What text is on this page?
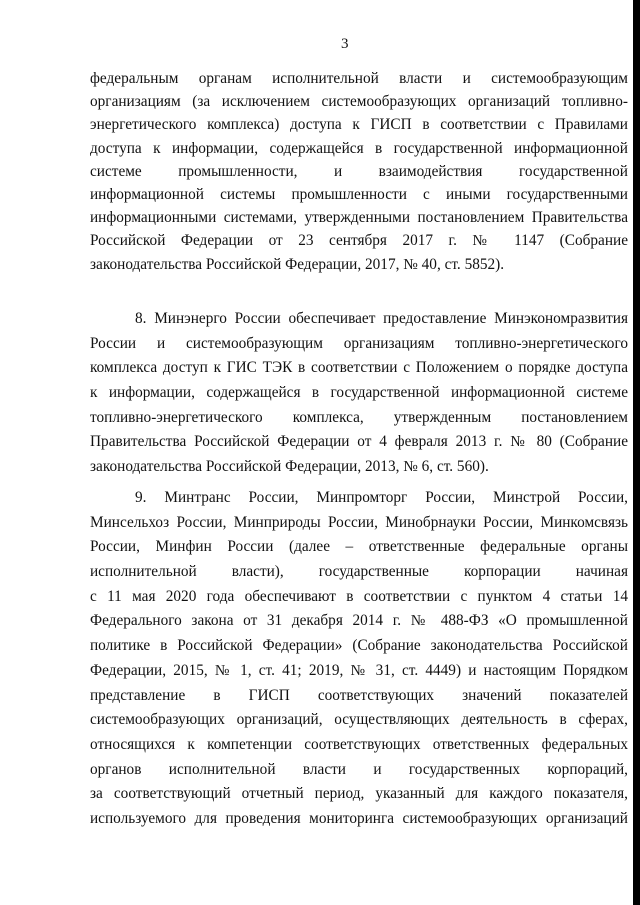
3
федеральным органам исполнительной власти и системообразующим
организациям (за исключением системообразующих организаций топливно-
энергетического комплекса) доступа к ГИСП в соответствии с Правилами
доступа к информации, содержащейся в государственной информационной
системе промышленности, и взаимодействия государственной
информационной системы промышленности с иными государственными
информационными системами, утвержденными постановлением Правительства
Российской Федерации от 23 сентября 2017 г. № 1147 (Собрание
законодательства Российской Федерации, 2017, № 40, ст. 5852).
8. Минэнерго России обеспечивает предоставление Минэкономразвития
России и системообразующим организациям топливно-энергетического
комплекса доступ к ГИС ТЭК в соответствии с Положением о порядке доступа
к информации, содержащейся в государственной информационной системе
топливно-энергетического комплекса, утвержденным постановлением
Правительства Российской Федерации от 4 февраля 2013 г. № 80 (Собрание
законодательства Российской Федерации, 2013, № 6, ст. 560).
9. Минтранс России, Минпромторг России, Минстрой России,
Минсельхоз России, Минприроды России, Минобрнауки России, Минкомсвязь
России, Минфин России (далее – ответственные федеральные органы
исполнительной власти), государственные корпорации начиная
с 11 мая 2020 года обеспечивают в соответствии с пунктом 4 статьи 14
Федерального закона от 31 декабря 2014 г. № 488-ФЗ «О промышленной
политике в Российской Федерации» (Собрание законодательства Российской
Федерации, 2015, № 1, ст. 41; 2019, № 31, ст. 4449) и настоящим Порядком
представление в ГИСП соответствующих значений показателей
системообразующих организаций, осуществляющих деятельность в сферах,
относящихся к компетенции соответствующих ответственных федеральных
органов исполнительной власти и государственных корпораций,
за соответствующий отчетный период, указанный для каждого показателя,
используемого для проведения мониторинга системообразующих организаций
